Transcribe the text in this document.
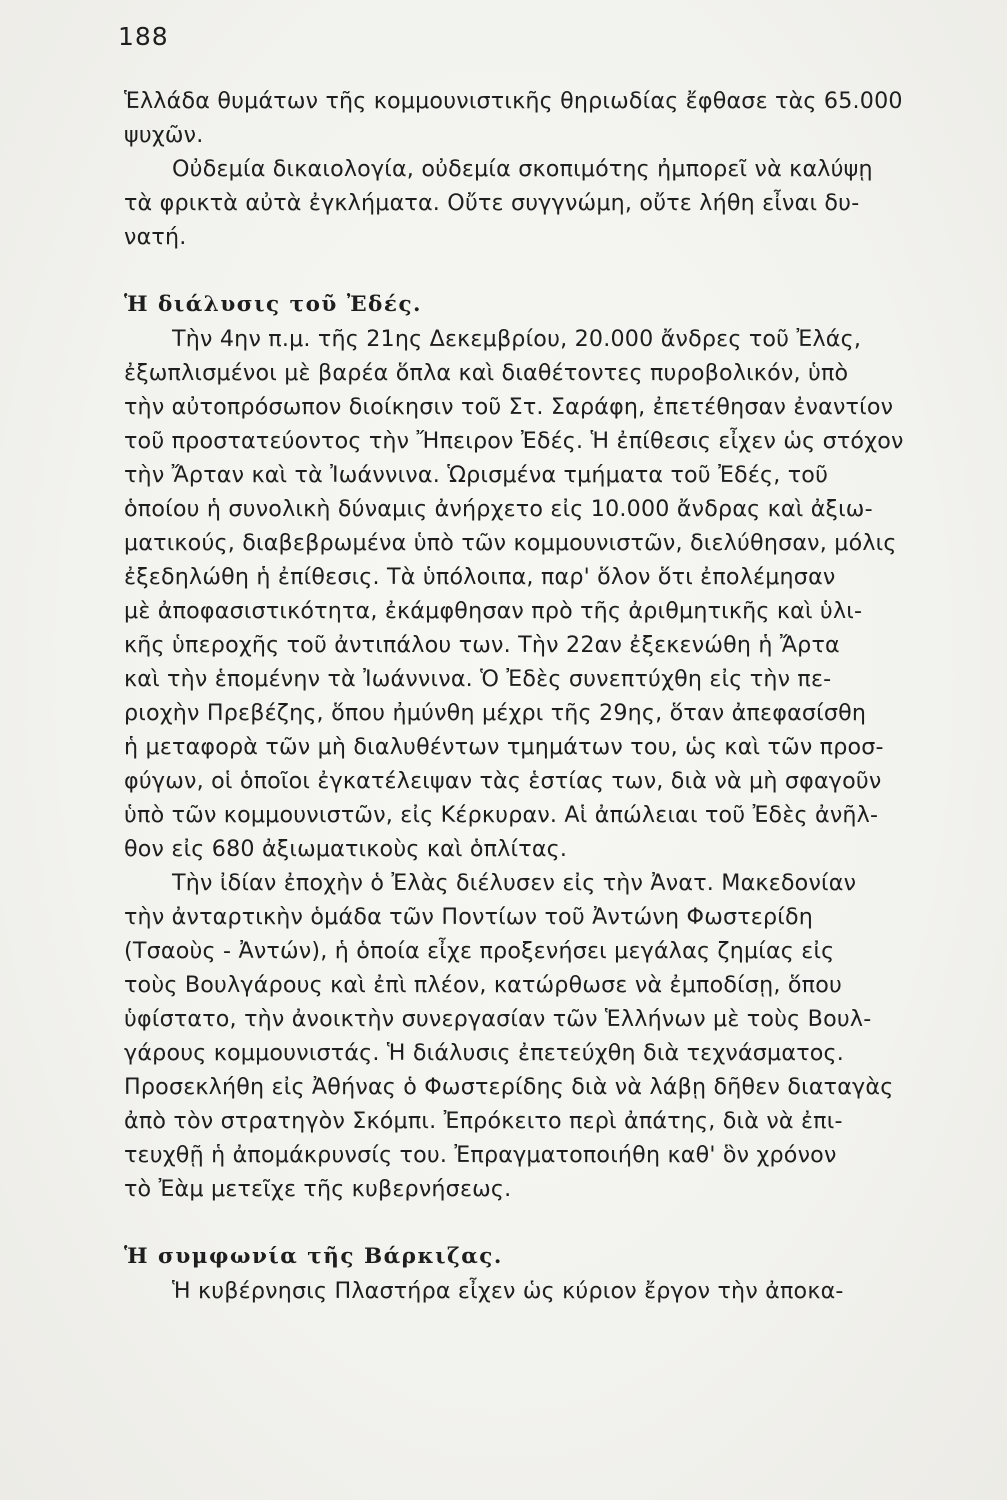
188
Ἑλλάδα θυμάτων τῆς κομμουνιστικῆς θηριωδίας ἔφθασε τὰς 65.000
ψυχῶν.
Οὐδεμία δικαιολογία, οὐδεμία σκοπιμότης ἠμπορεῖ νὰ καλύψῃ
τὰ φρικτὰ αὐτὰ ἐγκλήματα. Οὔτε συγγνώμη, οὔτε λήθη εἶναι δυ-
νατή.
Ἡ διάλυσις τοῦ Ἐδές.
Τὴν 4ην π.μ. τῆς 21ης Δεκεμβρίου, 20.000 ἄνδρες τοῦ Ἐλάς,
ἐξωπλισμένοι μὲ βαρέα ὅπλα καὶ διαθέτοντες πυροβολικόν, ὑπὸ
τὴν αὐτοπρόσωπον διοίκησιν τοῦ Στ. Σαράφη, ἐπετέθησαν ἐναντίον
τοῦ προστατεύοντος τὴν Ἤπειρον Ἐδές. Ἡ ἐπίθεσις εἶχεν ὡς στόχον
τὴν Ἄρταν καὶ τὰ Ἰωάννινα. Ὡρισμένα τμήματα τοῦ Ἐδές, τοῦ
ὁποίου ἡ συνολικὴ δύναμις ἀνήρχετο εἰς 10.000 ἄνδρας καὶ ἀξιω-
ματικούς, διαβεβρωμένα ὑπὸ τῶν κομμουνιστῶν, διελύθησαν, μόλις
ἐξεδηλώθη ἡ ἐπίθεσις. Τὰ ὑπόλοιπα, παρ' ὅλον ὅτι ἐπολέμησαν
μὲ ἀποφασιστικότητα, ἐκάμφθησαν πρὸ τῆς ἀριθμητικῆς καὶ ὑλι-
κῆς ὑπεροχῆς τοῦ ἀντιπάλου των. Τὴν 22αν ἐξεκενώθη ἡ Ἄρτα
καὶ τὴν ἑπομένην τὰ Ἰωάννινα. Ὁ Ἐδὲς συνεπτύχθη εἰς τὴν πε-
ριοχὴν Πρεβέζης, ὅπου ἠμύνθη μέχρι τῆς 29ης, ὅταν ἀπεφασίσθη
ἡ μεταφορὰ τῶν μὴ διαλυθέντων τμημάτων του, ὡς καὶ τῶν προσ-
φύγων, οἱ ὁποῖοι ἐγκατέλειψαν τὰς ἑστίας των, διὰ νὰ μὴ σφαγοῦν
ὑπὸ τῶν κομμουνιστῶν, εἰς Κέρκυραν. Αἱ ἀπώλειαι τοῦ Ἐδὲς ἀνῆλ-
θον εἰς 680 ἀξιωματικοὺς καὶ ὁπλίτας.
Τὴν ἰδίαν ἐποχὴν ὁ Ἐλὰς διέλυσεν εἰς τὴν Ἀνατ. Μακεδονίαν
τὴν ἀνταρτικὴν ὁμάδα τῶν Ποντίων τοῦ Ἀντώνη Φωστερίδη
(Τσαοὺς - Ἀντών), ἡ ὁποία εἶχε προξενήσει μεγάλας ζημίας εἰς
τοὺς Βουλγάρους καὶ ἐπὶ πλέον, κατώρθωσε νὰ ἐμποδίσῃ, ὅπου
ὑφίστατο, τὴν ἀνοικτὴν συνεργασίαν τῶν Ἑλλήνων μὲ τοὺς Βουλ-
γάρους κομμουνιστάς. Ἡ διάλυσις ἐπετεύχθη διὰ τεχνάσματος.
Προσεκλήθη εἰς Ἀθήνας ὁ Φωστερίδης διὰ νὰ λάβῃ δῆθεν διαταγὰς
ἀπὸ τὸν στρατηγὸν Σκόμπι. Ἐπρόκειτο περὶ ἀπάτης, διὰ νὰ ἐπι-
τευχθῇ ἡ ἀπομάκρυνσίς του. Ἐπραγματοποιήθη καθ' ὃν χρόνον
τὸ Ἐὰμ μετεῖχε τῆς κυβερνήσεως.
Ἡ συμφωνία τῆς Βάρκιζας.
Ἡ κυβέρνησις Πλαστήρα εἶχεν ὡς κύριον ἔργον τὴν ἀποκα-
